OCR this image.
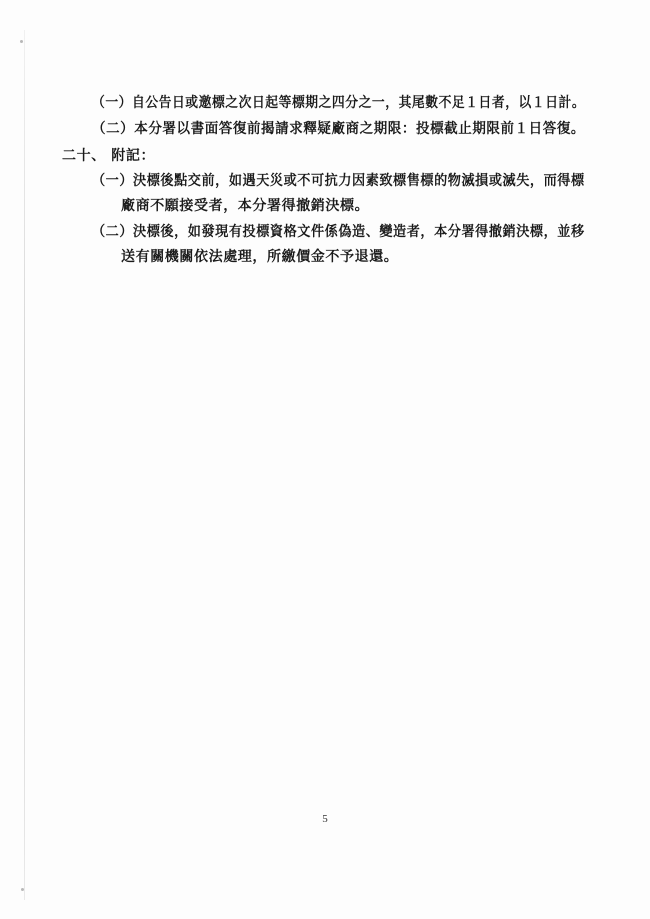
（一）自公告日或邀標之次日起等標期之四分之一，其尾數不足１日者，以１日計。
（二）本分署以書面答復前揭請求釋疑廠商之期限：投標截止期限前１日答復。
二十、 附記：
（一）決標後點交前，如遇天災或不可抗力因素致標售標的物滅損或滅失，而得標
廠商不願接受者，本分署得撤銷決標。
（二）決標後，如發現有投標資格文件係偽造、變造者，本分署得撤銷決標，並移
送有關機關依法處理，所繳價金不予退還。
5
